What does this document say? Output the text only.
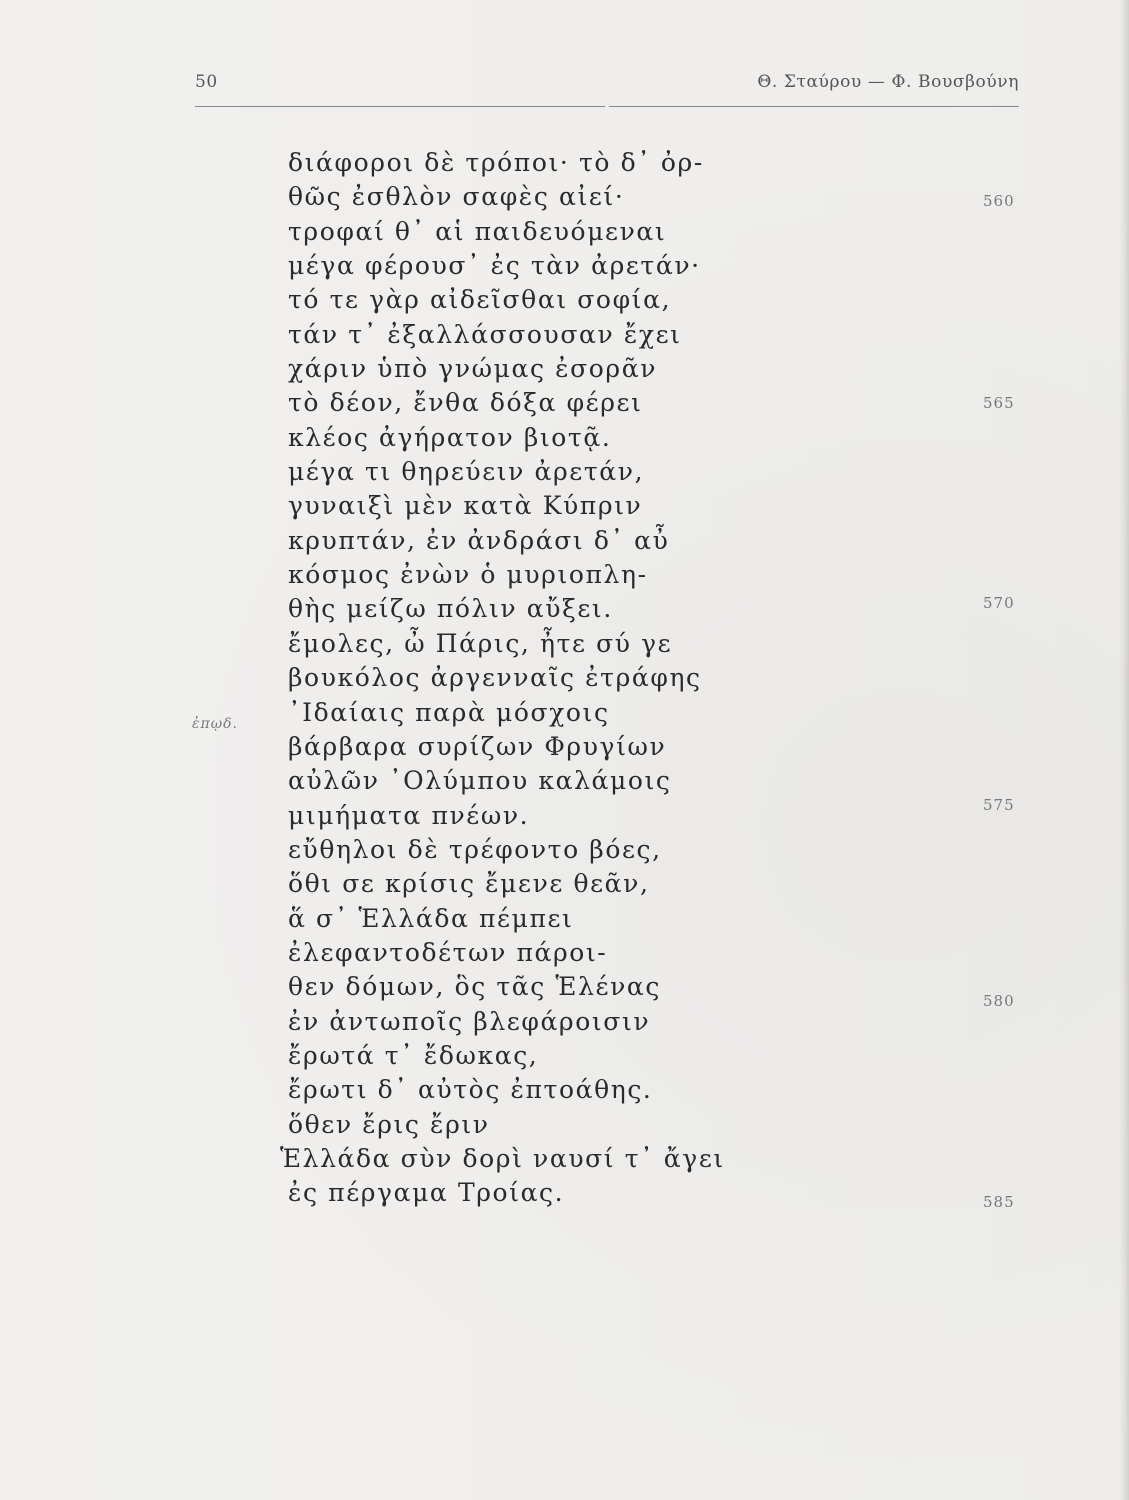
50	Θ. Σταύρου — Φ. Βουσβούνη
ἐπῳδ.
διάφοροι δὲ τρόποι· τὸ δ᾽ ὀρ-
θῶς ἐσθλὸν σαφὲς αἰεί·
τροφαί θ᾽ αἱ παιδευόμεναι
μέγα φέρουσ᾽ ἐς τὰν ἀρετάν·
τό τε γὰρ αἰδεῖσθαι σοφία,
τάν τ᾽ ἐξαλλάσσουσαν ἔχει
χάριν ὑπὸ γνώμας ἐσορᾶν
τὸ δέον, ἔνθα δόξα φέρει
κλέος ἀγήρατον βιοτᾷ.
μέγα τι θηρεύειν ἀρετάν,
γυναιξὶ μὲν κατὰ Κύπριν
κρυπτάν, ἐν ἀνδράσι δ᾽ αὖ
κόσμος ἐνὼν ὁ μυριοπλη-
θὴς μείζω πόλιν αὔξει.
ἔμολες, ὦ Πάρις, ἦτε σύ γε
βουκόλος ἀργενναῖς ἐτράφης
᾽Ιδαίαις παρὰ μόσχοις
βάρβαρα συρίζων Φρυγίων
αὐλῶν ᾽Ολύμπου καλάμοις
μιμήματα πνέων.
εὔθηλοι δὲ τρέφοντο βόες,
ὅθι σε κρίσις ἔμενε θεᾶν,
ἅ σ᾽ Ἑλλάδα πέμπει
ἐλεφαντοδέτων πάροι-
θεν δόμων, ὃς τᾶς Ἑλένας
ἐν ἀντωποῖς βλεφάροισιν
ἔρωτά τ᾽ ἔδωκας,
ἔρωτι δ᾽ αὐτὸς ἐπτοάθης.
ὅθεν ἔρις ἔριν
Ἑλλάδα σὺν δορὶ ναυσί τ᾽ ἄγει
ἐς πέργαμα Τροίας.
560
565
570
575
580
585
